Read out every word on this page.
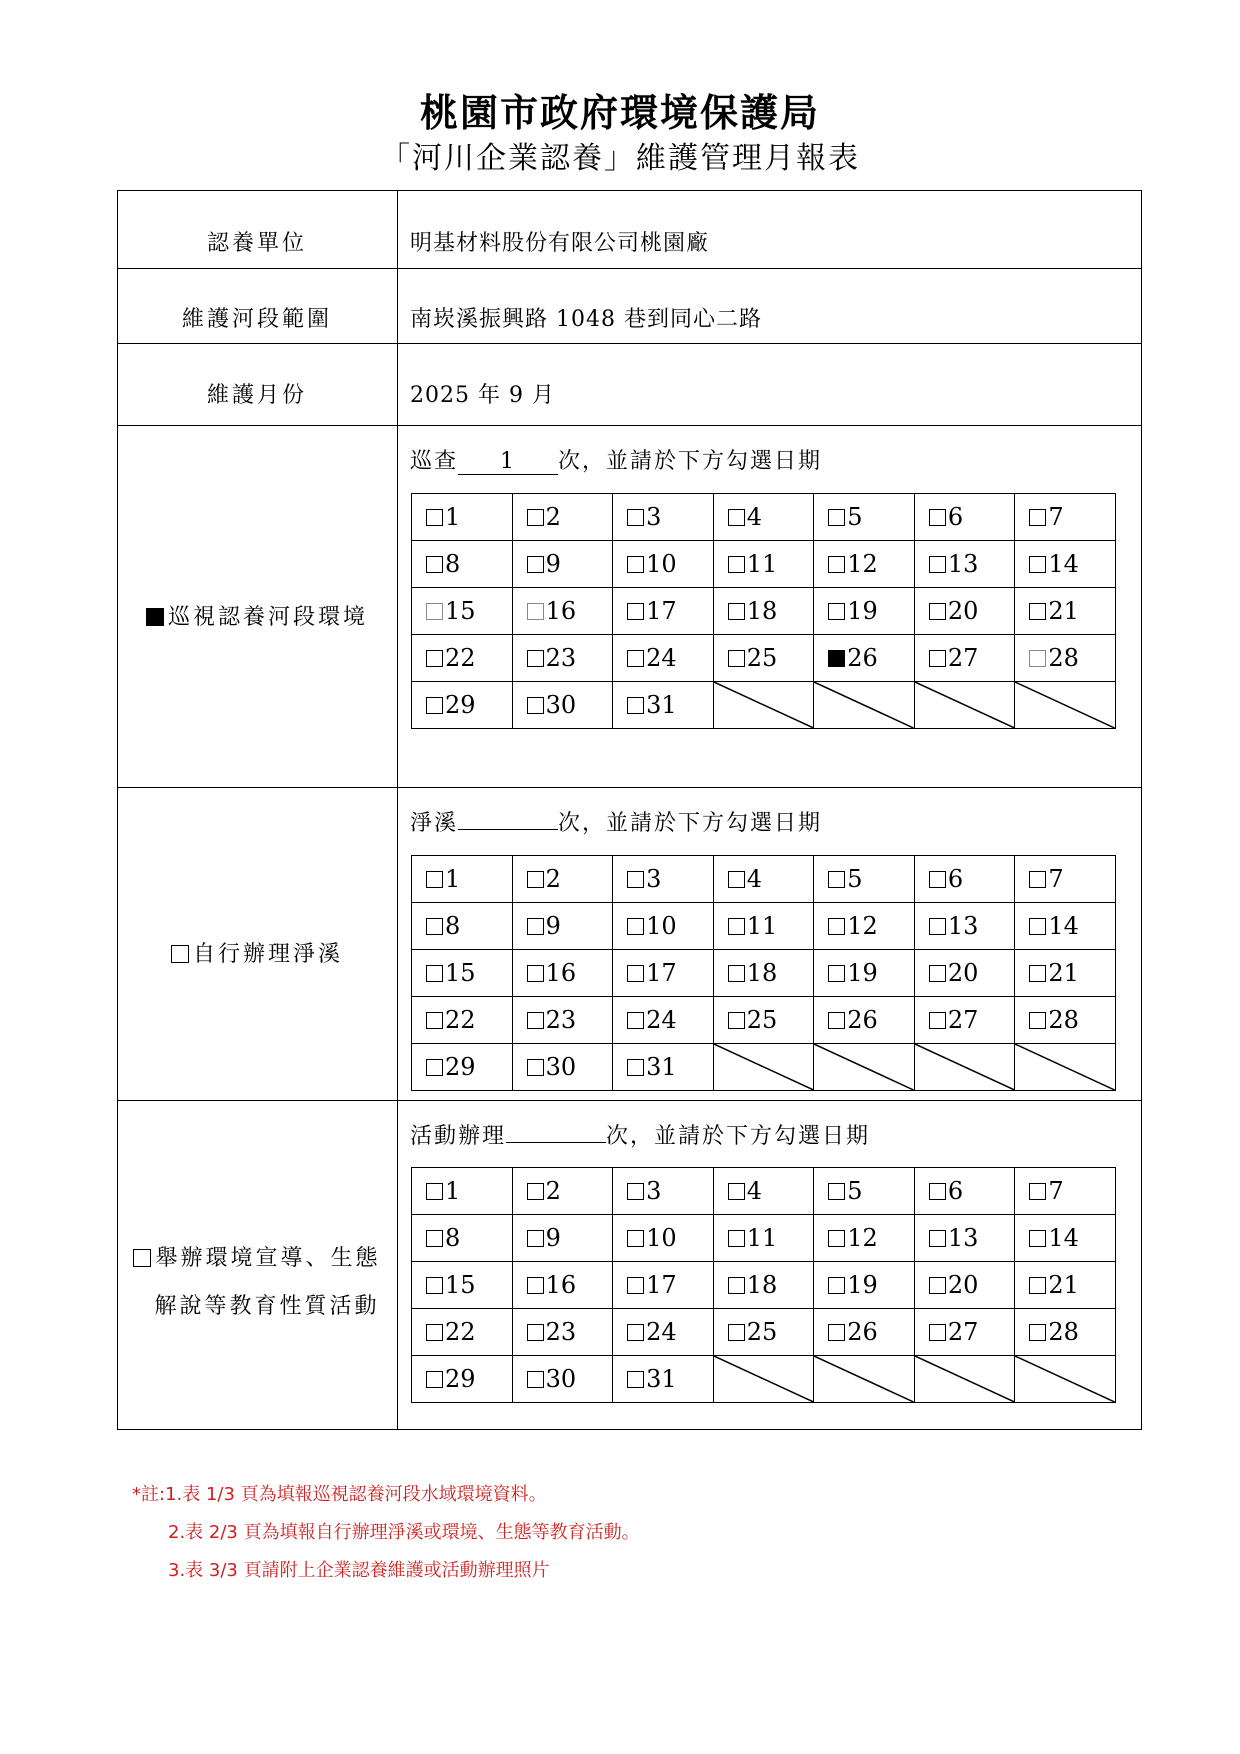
桃園市政府環境保護局
「河川企業認養」維護管理月報表
認養單位	明基材料股份有限公司桃園廠
維護河段範圍	南崁溪振興路 1048 巷到同心二路
維護月份	2025 年 9 月
巡視認養河段環境
巡查 1 次，並請於下方勾選日期
1	2	3	4	5	6	7
8	9	10	11	12	13	14
15	16	17	18	19	20	21
22	23	24	25	26	27	28
29	30	31	

自行辦理淨溪
淨溪	次，並請於下方勾選日期
1	2	3	4	5	6	7
8	9	10	11	12	13	14
15	16	17	18	19	20	21
22	23	24	25	26	27	28
29	30	31	

舉辦環境宣導、生態
解說等教育性質活動
活動辦理	次，並請於下方勾選日期
1	2	3	4	5	6	7
8	9	10	11	12	13	14
15	16	17	18	19	20	21
22	23	24	25	26	27	28
29	30	31	

*註:1.表 1/3 頁為填報巡視認養河段水域環境資料。
2.表 2/3 頁為填報自行辦理淨溪或環境、生態等教育活動。
3.表 3/3 頁請附上企業認養維護或活動辦理照片
